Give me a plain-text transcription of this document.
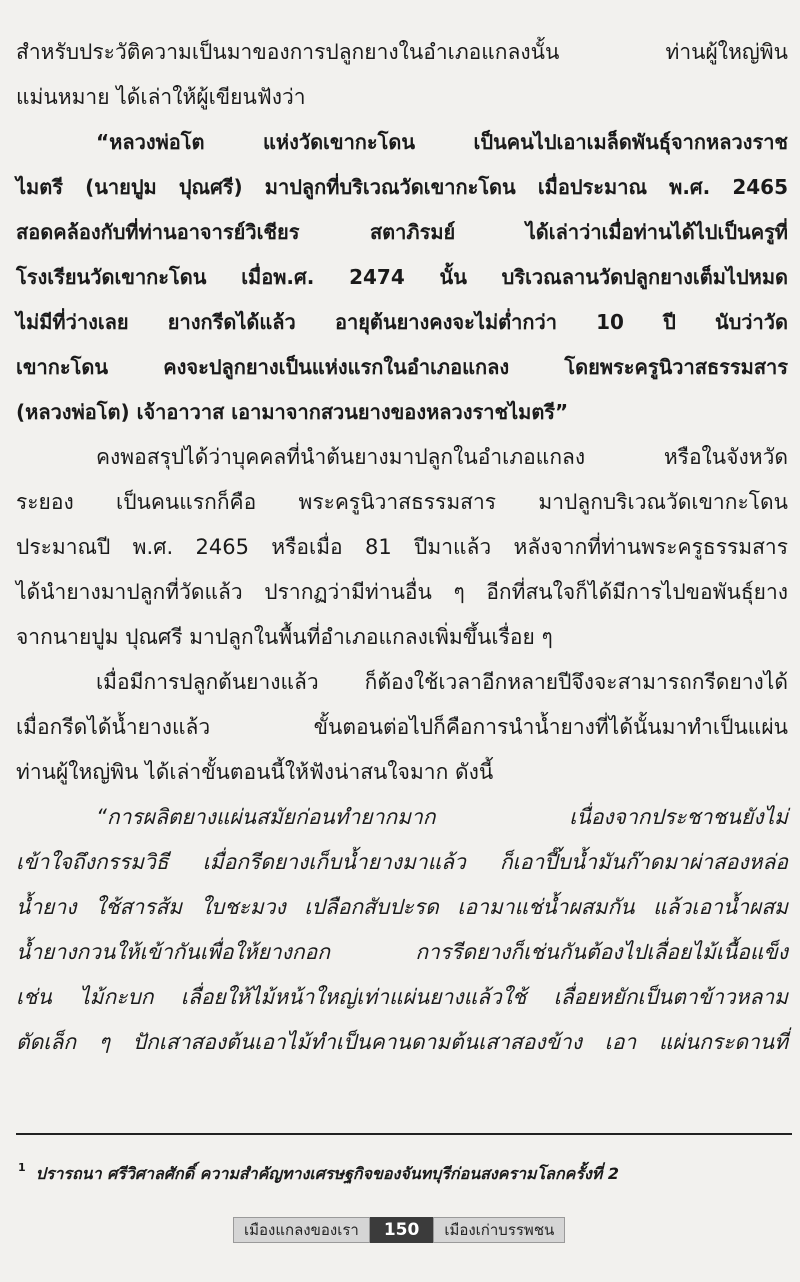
สำหรับประวัติความเป็นมาของการปลูกยางในอำเภอแกลงนั้น ท่านผู้ใหญ่พิน
แม่นหมาย ได้เล่าให้ผู้เขียนฟังว่า
“หลวงพ่อโต แห่งวัดเขากะโดน เป็นคนไปเอาเมล็ดพันธุ์จากหลวงราช
ไมตรี (นายปูม ปุณศรี) มาปลูกที่บริเวณวัดเขากะโดน เมื่อประมาณ พ.ศ. 2465
สอดคล้องกับที่ท่านอาจารย์วิเชียร สตาภิรมย์ ได้เล่าว่าเมื่อท่านได้ไปเป็นครูที่
โรงเรียนวัดเขากะโดน เมื่อพ.ศ. 2474 นั้น บริเวณลานวัดปลูกยางเต็มไปหมด
ไม่มีที่ว่างเลย ยางกรีดได้แล้ว อายุต้นยางคงจะไม่ต่ำกว่า 10 ปี นับว่าวัด
เขากะโดน คงจะปลูกยางเป็นแห่งแรกในอำเภอแกลง โดยพระครูนิวาสธรรมสาร
(หลวงพ่อโต) เจ้าอาวาส เอามาจากสวนยางของหลวงราชไมตรี”
คงพอสรุปได้ว่าบุคคลที่นำต้นยางมาปลูกในอำเภอแกลง หรือในจังหวัด
ระยอง เป็นคนแรกก็คือ พระครูนิวาสธรรมสาร มาปลูกบริเวณวัดเขากะโดน
ประมาณปี พ.ศ. 2465 หรือเมื่อ 81 ปีมาแล้ว หลังจากที่ท่านพระครูธรรมสาร
ได้นำยางมาปลูกที่วัดแล้ว ปรากฏว่ามีท่านอื่น ๆ อีกที่สนใจก็ได้มีการไปขอพันธุ์ยาง
จากนายปูม ปุณศรี มาปลูกในพื้นที่อำเภอแกลงเพิ่มขึ้นเรื่อย ๆ
เมื่อมีการปลูกต้นยางแล้ว ก็ต้องใช้เวลาอีกหลายปีจึงจะสามารถกรีดยางได้
เมื่อกรีดได้น้ำยางแล้ว ขั้นตอนต่อไปก็คือการนำน้ำยางที่ได้นั้นมาทำเป็นแผ่น
ท่านผู้ใหญ่พิน ได้เล่าขั้นตอนนี้ให้ฟังน่าสนใจมาก ดังนี้
“การผลิตยางแผ่นสมัยก่อนทำยากมาก เนื่องจากประชาชนยังไม่
เข้าใจถึงกรรมวิธี เมื่อกรีดยางเก็บน้ำยางมาแล้ว ก็เอาปี๊บน้ำมันก๊าดมาผ่าสองหล่อ
น้ำยาง ใช้สารส้ม ใบชะมวง เปลือกสับปะรด เอามาแช่น้ำผสมกัน แล้วเอาน้ำผสม
น้ำยางกวนให้เข้ากันเพื่อให้ยางกอก การรีดยางก็เช่นกันต้องไปเลื่อยไม้เนื้อแข็ง
เช่น ไม้กะบก เลื่อยให้ไม้หน้าใหญ่เท่าแผ่นยางแล้วใช้ เลื่อยหยักเป็นตาข้าวหลาม
ตัดเล็ก ๆ ปักเสาสองต้นเอาไม้ทำเป็นคานดามต้นเสาสองข้าง เอา แผ่นกระดานที่
$^1$ ปรารถนา ศรีวิศาลศักดิ์ ความสำคัญทางเศรษฐกิจของจันทบุรีก่อนสงครามโลกครั้งที่ 2
เมืองแกลงของเรา	150	เมืองเก่าบรรพชน
